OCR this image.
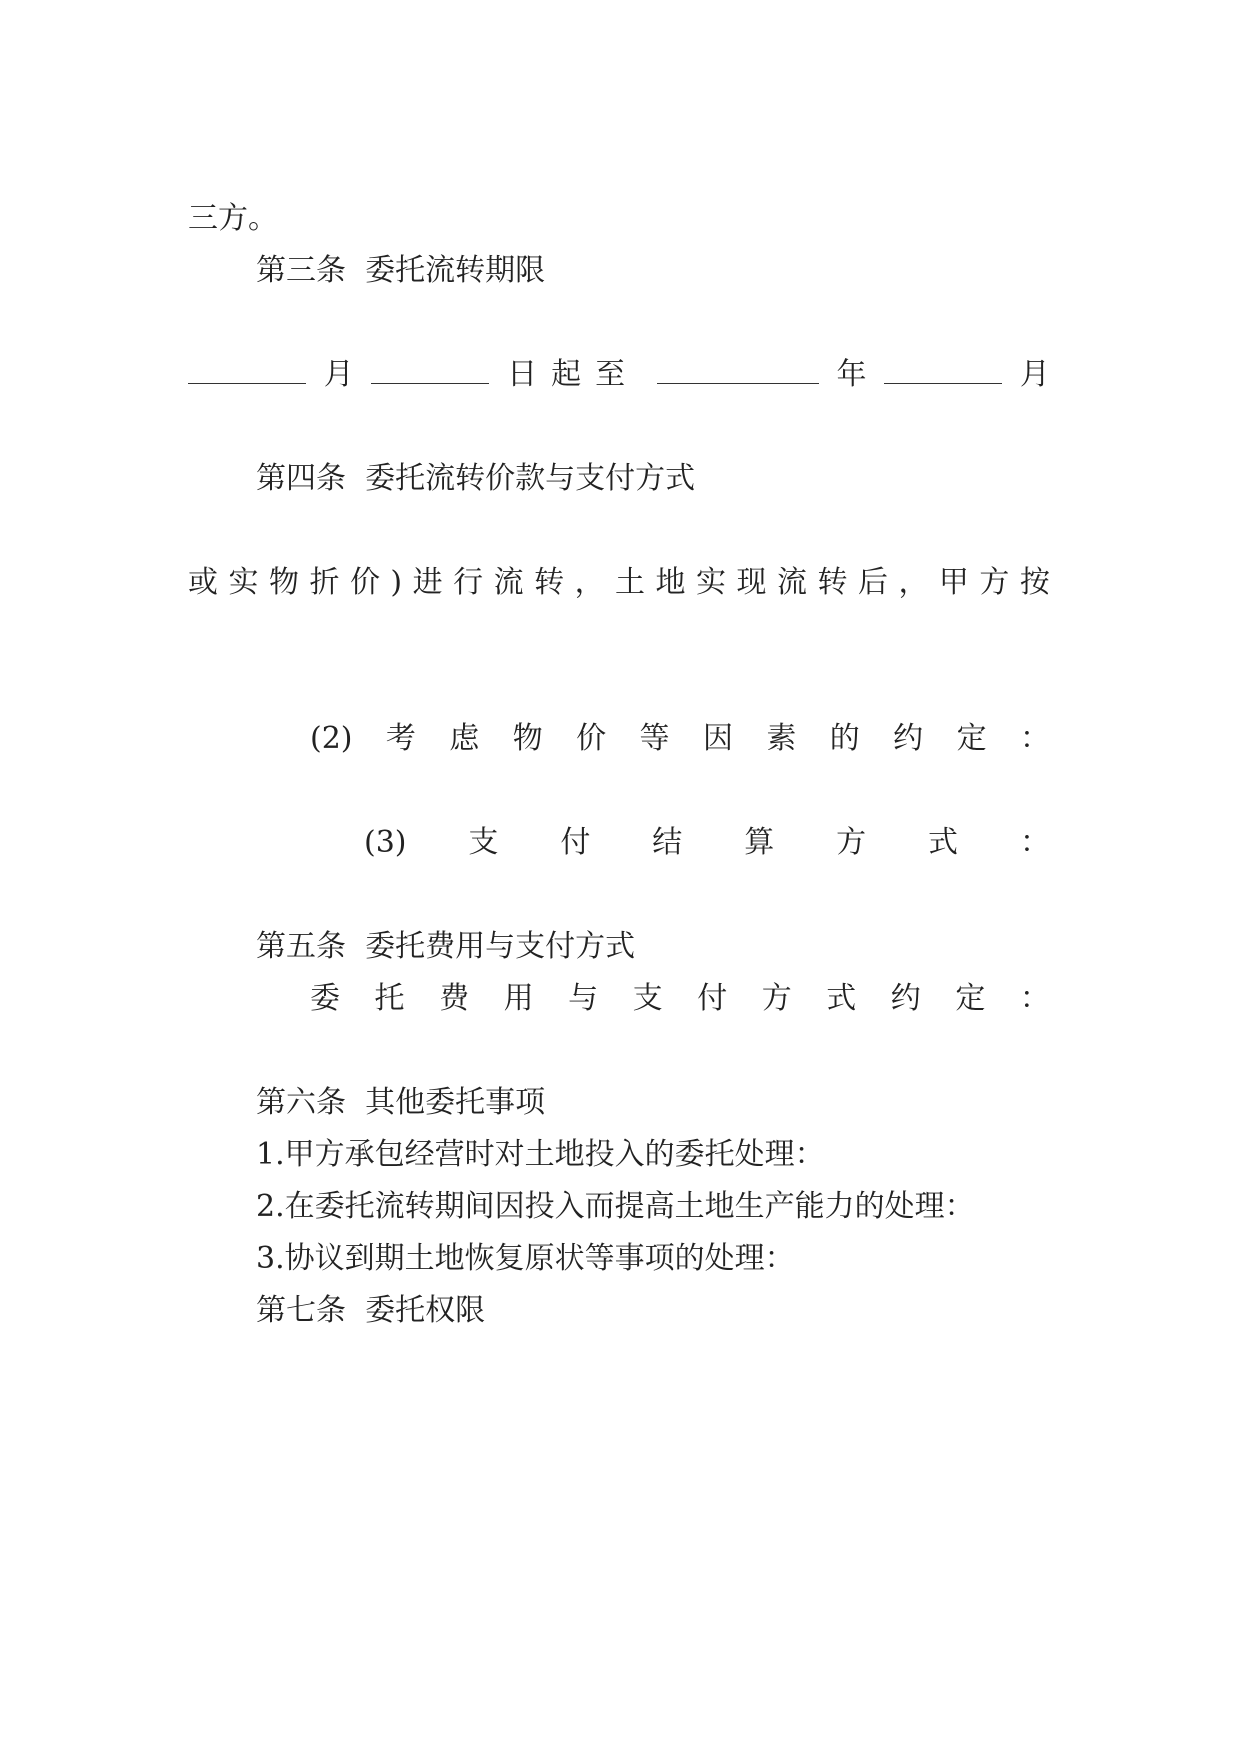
三方。
第三条  委托流转期限

月	日起至	年	月

第四条  委托流转价款与支付方式

或 实 物 折 价 ) 进 行 流 转 ， 土 地 实 现 流 转 后 ， 甲 方 按

(2) 考 虑 物 价 等 因 素 的 约 定 ：

(3) 支 付 结 算 方 式 ：

第五条  委托费用与支付方式
委 托 费 用 与 支 付 方 式 约 定 ：

第六条  其他委托事项
1.甲方承包经营时对土地投入的委托处理：
2.在委托流转期间因投入而提高土地生产能力的处理：
3.协议到期土地恢复原状等事项的处理：
第七条  委托权限
